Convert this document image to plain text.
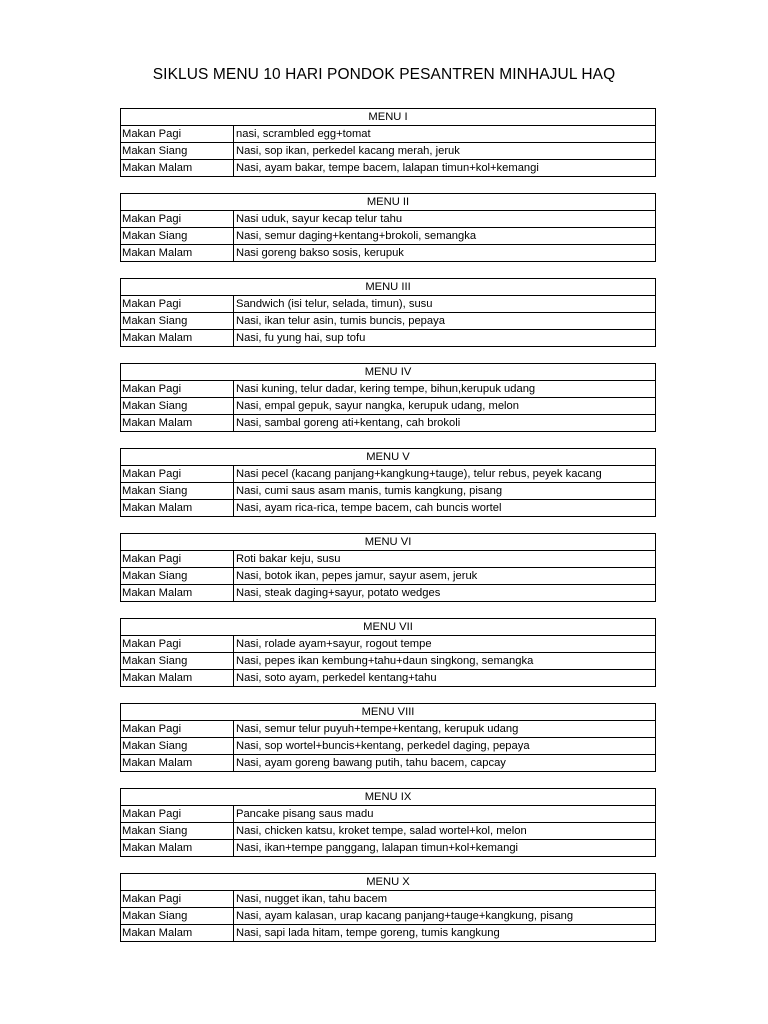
SIKLUS MENU 10 HARI PONDOK PESANTREN MINHAJUL HAQ
MENU I
Makan Pagi	nasi, scrambled egg+tomat
Makan Siang	Nasi, sop ikan, perkedel kacang merah, jeruk
Makan Malam	Nasi, ayam bakar, tempe bacem, lalapan timun+kol+kemangi
MENU II
Makan Pagi	Nasi uduk, sayur kecap telur tahu
Makan Siang	Nasi, semur daging+kentang+brokoli, semangka
Makan Malam	Nasi goreng bakso sosis, kerupuk
MENU III
Makan Pagi	Sandwich (isi telur, selada, timun), susu
Makan Siang	Nasi, ikan telur asin, tumis buncis, pepaya
Makan Malam	Nasi, fu yung hai, sup tofu
MENU IV
Makan Pagi	Nasi kuning, telur dadar, kering tempe, bihun,kerupuk udang
Makan Siang	Nasi, empal gepuk, sayur nangka, kerupuk udang, melon
Makan Malam	Nasi, sambal goreng ati+kentang, cah brokoli
MENU V
Makan Pagi	Nasi pecel (kacang panjang+kangkung+tauge), telur rebus, peyek kacang
Makan Siang	Nasi, cumi saus asam manis, tumis kangkung, pisang
Makan Malam	Nasi, ayam rica-rica, tempe bacem, cah buncis wortel
MENU VI
Makan Pagi	Roti bakar keju, susu
Makan Siang	Nasi, botok ikan, pepes jamur, sayur asem, jeruk
Makan Malam	Nasi, steak daging+sayur, potato wedges
MENU VII
Makan Pagi	Nasi, rolade ayam+sayur, rogout tempe
Makan Siang	Nasi, pepes ikan kembung+tahu+daun singkong, semangka
Makan Malam	Nasi, soto ayam, perkedel kentang+tahu
MENU VIII
Makan Pagi	Nasi, semur telur puyuh+tempe+kentang, kerupuk udang
Makan Siang	Nasi, sop wortel+buncis+kentang, perkedel daging, pepaya
Makan Malam	Nasi, ayam goreng bawang putih, tahu bacem, capcay
MENU IX
Makan Pagi	Pancake pisang saus madu
Makan Siang	Nasi, chicken katsu, kroket tempe, salad wortel+kol, melon
Makan Malam	Nasi, ikan+tempe panggang, lalapan timun+kol+kemangi
MENU X
Makan Pagi	Nasi, nugget ikan, tahu bacem
Makan Siang	Nasi, ayam kalasan, urap kacang panjang+tauge+kangkung, pisang
Makan Malam	Nasi, sapi lada hitam, tempe goreng, tumis kangkung
